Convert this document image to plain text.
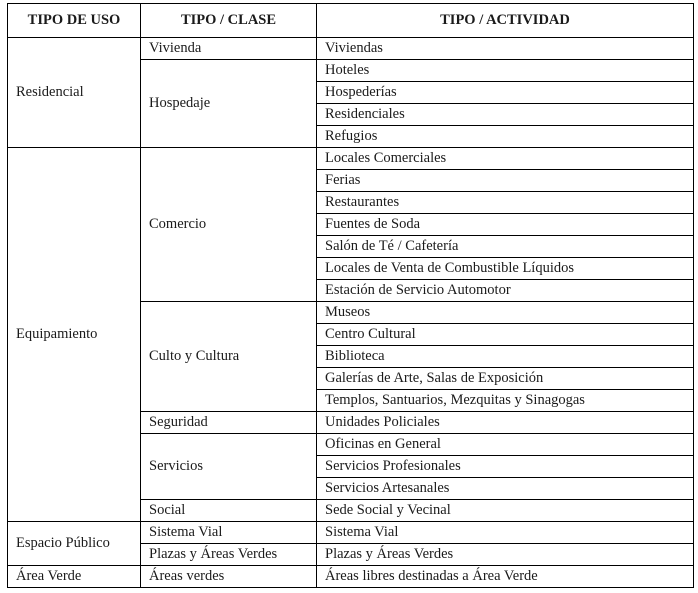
TIPO DE USO	TIPO / CLASE	TIPO / ACTIVIDAD
Residencial	Vivienda	Viviendas
	Hospedaje	Hoteles
		Hospederías
		Residenciales
		Refugios
Equipamiento	Comercio	Locales Comerciales
		Ferias
		Restaurantes
		Fuentes de Soda
		Salón de Té / Cafetería
		Locales de Venta de Combustible Líquidos
		Estación de Servicio Automotor
	Culto y Cultura	Museos
		Centro Cultural
		Biblioteca
		Galerías de Arte, Salas de Exposición
		Templos, Santuarios, Mezquitas y Sinagogas
	Seguridad	Unidades Policiales
	Servicios	Oficinas en General
		Servicios Profesionales
		Servicios Artesanales
	Social	Sede Social y Vecinal
Espacio Público	Sistema Vial	Sistema Vial
	Plazas y Áreas Verdes	Plazas y Áreas Verdes
Área Verde	Áreas verdes	Áreas libres destinadas a Área Verde
